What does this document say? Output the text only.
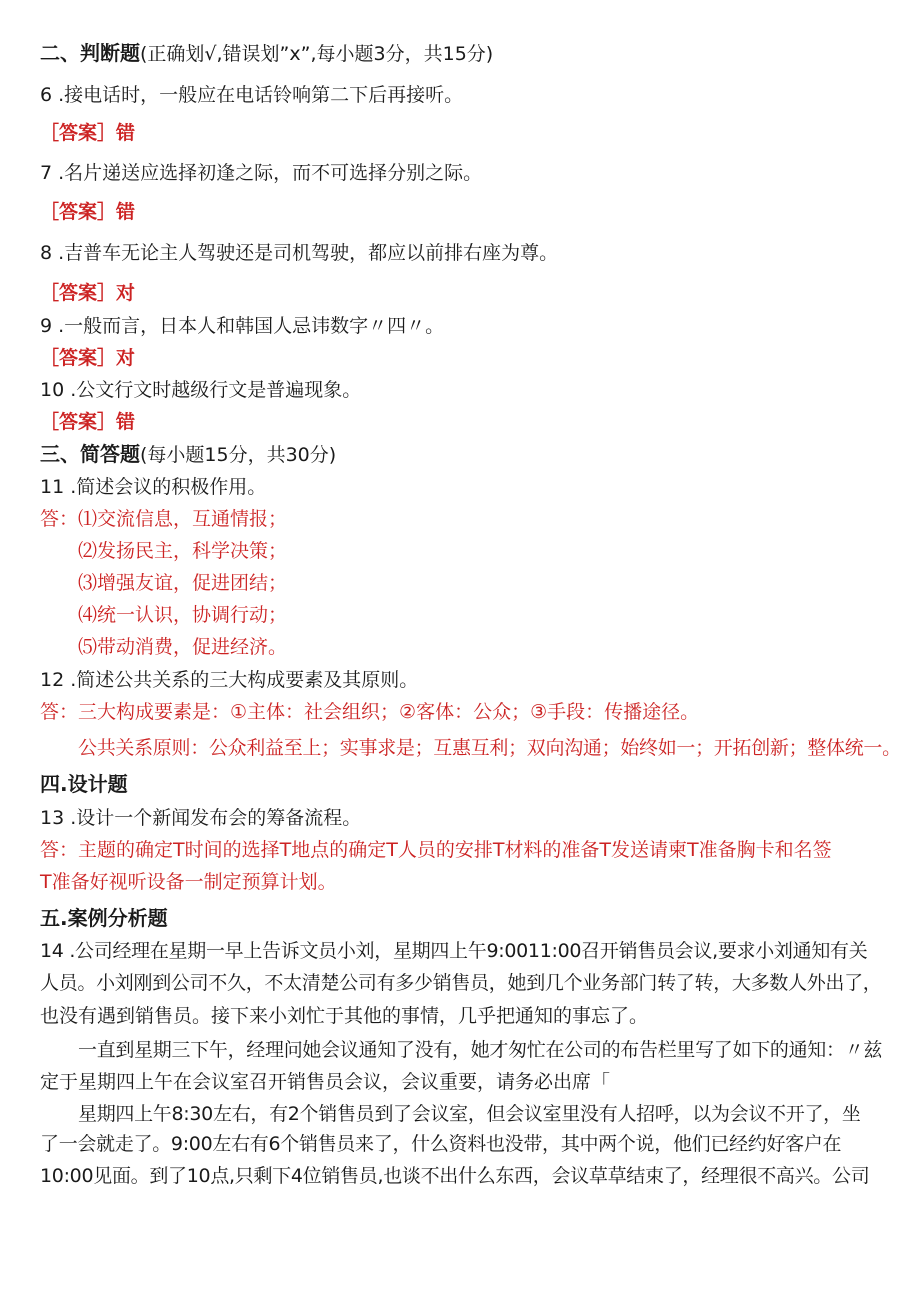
二、判断题(正确划√,错误划”x”,每小题3分，共15分)
6 .接电话时，一般应在电话铃响第二下后再接听。
［答案］错
7 .名片递送应选择初逢之际，而不可选择分别之际。
［答案］错
8 .吉普车无论主人驾驶还是司机驾驶，都应以前排右座为尊。
［答案］对
9 .一般而言，日本人和韩国人忌讳数字〃四〃。
［答案］对
10 .公文行文时越级行文是普遍现象。
［答案］错
三、简答题(每小题15分，共30分)
11 .简述会议的积极作用。
答：⑴交流信息，互通情报；
⑵发扬民主，科学决策；
⑶增强友谊，促进团结；
⑷统一认识，协调行动；
⑸带动消费，促进经济。
12 .简述公共关系的三大构成要素及其原则。
答：三大构成要素是：①主体：社会组织；②客体：公众；③手段：传播途径。
公共关系原则：公众利益至上；实事求是；互惠互利；双向沟通；始终如一；开拓创新；整体统一。
四.设计题
13 .设计一个新闻发布会的筹备流程。
答：主题的确定T时间的选择T地点的确定T人员的安排T材料的准备T发送请柬T准备胸卡和名签
T准备好视听设备一制定预算计划。
五.案例分析题
14 .公司经理在星期一早上告诉文员小刘，星期四上午9:0011:00召开销售员会议,要求小刘通知有关
人员。小刘刚到公司不久，不太清楚公司有多少销售员，她到几个业务部门转了转，大多数人外出了，
也没有遇到销售员。接下来小刘忙于其他的事情，几乎把通知的事忘了。
一直到星期三下午，经理问她会议通知了没有，她才匆忙在公司的布告栏里写了如下的通知：〃兹
定于星期四上午在会议室召开销售员会议，会议重要，请务必出席「
星期四上午8:30左右，有2个销售员到了会议室，但会议室里没有人招呼，以为会议不开了，坐
了一会就走了。9:00左右有6个销售员来了，什么资料也没带，其中两个说，他们已经约好客户在
10:00见面。到了10点,只剩下4位销售员,也谈不出什么东西，会议草草结束了，经理很不高兴。公司
